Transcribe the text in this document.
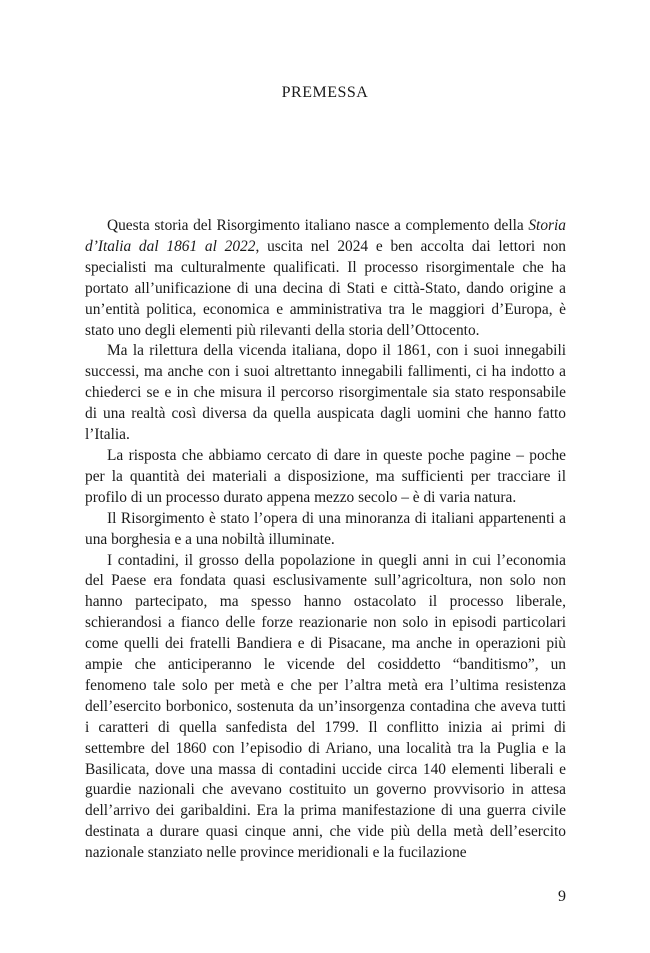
PREMESSA

Questa storia del Risorgimento italiano nasce a complemento della Storia d’Italia dal 1861 al 2022, uscita nel 2024 e ben accolta dai lettori non specialisti ma culturalmente qualificati. Il processo risorgimentale che ha portato all’unificazione di una decina di Stati e città-Stato, dando origine a un’entità politica, economica e amministrativa tra le maggiori d’Europa, è stato uno degli elementi più rilevanti della storia dell’Ottocento.

Ma la rilettura della vicenda italiana, dopo il 1861, con i suoi innegabili successi, ma anche con i suoi altrettanto innegabili fallimenti, ci ha indotto a chiederci se e in che misura il percorso risorgimentale sia stato responsabile di una realtà così diversa da quella auspicata dagli uomini che hanno fatto l’Italia.

La risposta che abbiamo cercato di dare in queste poche pagine – poche per la quantità dei materiali a disposizione, ma sufficienti per tracciare il profilo di un processo durato appena mezzo secolo – è di varia natura.

Il Risorgimento è stato l’opera di una minoranza di italiani appartenenti a una borghesia e a una nobiltà illuminate.

I contadini, il grosso della popolazione in quegli anni in cui l’economia del Paese era fondata quasi esclusivamente sull’agricoltura, non solo non hanno partecipato, ma spesso hanno ostacolato il processo liberale, schierandosi a fianco delle forze reazionarie non solo in episodi particolari come quelli dei fratelli Bandiera e di Pisacane, ma anche in operazioni più ampie che anticiperanno le vicende del cosiddetto “banditismo”, un fenomeno tale solo per metà e che per l’altra metà era l’ultima resistenza dell’esercito borbonico, sostenuta da un’insorgenza contadina che aveva tutti i caratteri di quella sanfedista del 1799. Il conflitto inizia ai primi di settembre del 1860 con l’episodio di Ariano, una località tra la Puglia e la Basilicata, dove una massa di contadini uccide circa 140 elementi liberali e guardie nazionali che avevano costituito un governo provvisorio in attesa dell’arrivo dei garibaldini. Era la prima manifestazione di una guerra civile destinata a durare quasi cinque anni, che vide più della metà dell’esercito nazionale stanziato nelle province meridionali e la fucilazione

9
